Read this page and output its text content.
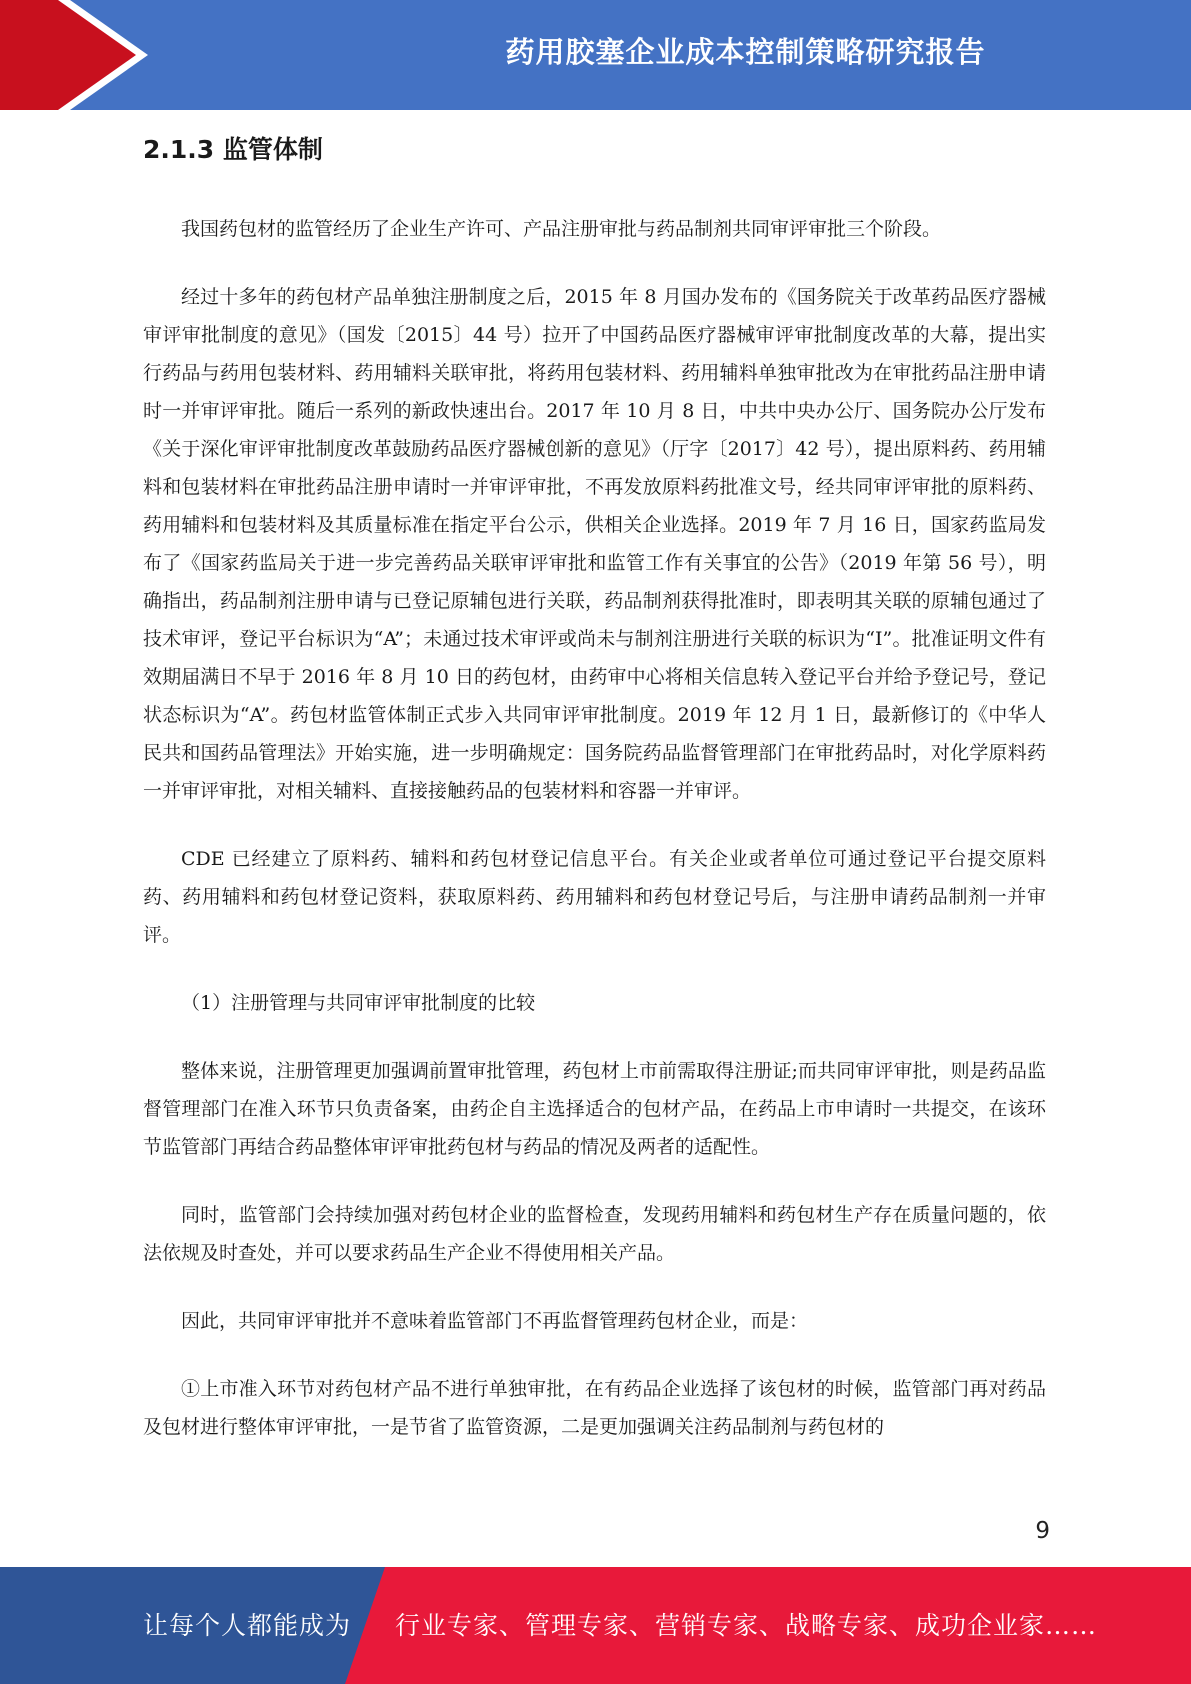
药用胶塞企业成本控制策略研究报告
2.1.3 监管体制

我国药包材的监管经历了企业生产许可、产品注册审批与药品制剂共同审评审批三个阶段。

经过十多年的药包材产品单独注册制度之后，2015 年 8 月国办发布的《国务院关于改革药品医疗器械审评审批制度的意见》（国发〔2015〕44 号）拉开了中国药品医疗器械审评审批制度改革的大幕，提出实行药品与药用包装材料、药用辅料关联审批，将药用包装材料、药用辅料单独审批改为在审批药品注册申请时一并审评审批。随后一系列的新政快速出台。2017 年 10 月 8 日，中共中央办公厅、国务院办公厅发布《关于深化审评审批制度改革鼓励药品医疗器械创新的意见》（厅字〔2017〕42 号），提出原料药、药用辅料和包装材料在审批药品注册申请时一并审评审批，不再发放原料药批准文号，经共同审评审批的原料药、药用辅料和包装材料及其质量标准在指定平台公示，供相关企业选择。2019 年 7 月 16 日，国家药监局发布了《国家药监局关于进一步完善药品关联审评审批和监管工作有关事宜的公告》（2019 年第 56 号），明确指出，药品制剂注册申请与已登记原辅包进行关联，药品制剂获得批准时，即表明其关联的原辅包通过了技术审评，登记平台标识为“A”；未通过技术审评或尚未与制剂注册进行关联的标识为“I”。批准证明文件有效期届满日不早于 2016 年 8 月 10 日的药包材，由药审中心将相关信息转入登记平台并给予登记号，登记状态标识为“A”。药包材监管体制正式步入共同审评审批制度。2019 年 12 月 1 日，最新修订的《中华人民共和国药品管理法》开始实施，进一步明确规定：国务院药品监督管理部门在审批药品时，对化学原料药一并审评审批，对相关辅料、直接接触药品的包装材料和容器一并审评。

CDE 已经建立了原料药、辅料和药包材登记信息平台。有关企业或者单位可通过登记平台提交原料药、药用辅料和药包材登记资料，获取原料药、药用辅料和药包材登记号后，与注册申请药品制剂一并审评。

（1）注册管理与共同审评审批制度的比较

整体来说，注册管理更加强调前置审批管理，药包材上市前需取得注册证;而共同审评审批，则是药品监督管理部门在准入环节只负责备案，由药企自主选择适合的包材产品，在药品上市申请时一共提交，在该环节监管部门再结合药品整体审评审批药包材与药品的情况及两者的适配性。

同时，监管部门会持续加强对药包材企业的监督检查，发现药用辅料和药包材生产存在质量问题的，依法依规及时查处，并可以要求药品生产企业不得使用相关产品。

因此，共同审评审批并不意味着监管部门不再监督管理药包材企业，而是：

①上市准入环节对药包材产品不进行单独审批，在有药品企业选择了该包材的时候，监管部门再对药品及包材进行整体审评审批，一是节省了监管资源，二是更加强调关注药品制剂与药包材的

9
让每个人都能成为 行业专家、管理专家、营销专家、战略专家、成功企业家……
